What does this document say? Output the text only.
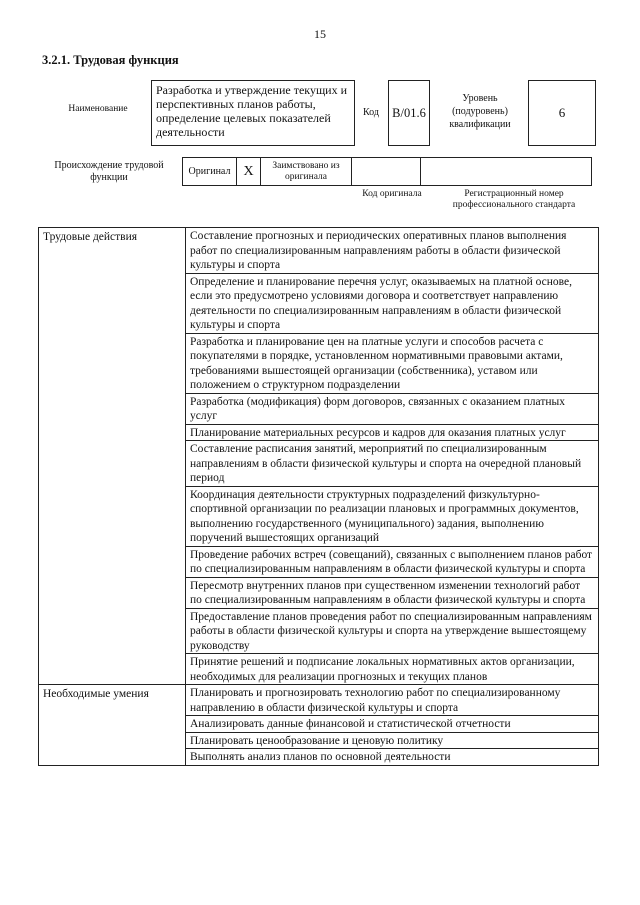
15
3.2.1. Трудовая функция
Наименование
Разработка и утверждение текущих и перспективных планов работы, определение целевых показателей деятельности
Код	B/01.6
Уровень (подуровень) квалификации
6
Происхождение трудовой функции
Оригинал X	Заимствовано из оригинала
Код оригинала	Регистрационный номер профессионального стандарта
Трудовые действия	Составление прогнозных и периодических оперативных планов выполнения работ по специализированным направлениям работы в области физической культуры и спорта
	Определение и планирование перечня услуг, оказываемых на платной основе, если это предусмотрено условиями договора и соответствует направлению деятельности по специализированным направлениям в области физической культуры и спорта
	Разработка и планирование цен на платные услуги и способов расчета с покупателями в порядке, установленном нормативными правовыми актами, требованиями вышестоящей организации (собственника), уставом или положением о структурном подразделении
	Разработка (модификация) форм договоров, связанных с оказанием платных услуг
	Планирование материальных ресурсов и кадров для оказания платных услуг
	Составление расписания занятий, мероприятий по специализированным направлениям в области физической культуры и спорта на очередной плановый период
	Координация деятельности структурных подразделений физкультурно-спортивной организации по реализации плановых и программных документов, выполнению государственного (муниципального) задания, выполнению поручений вышестоящих организаций
	Проведение рабочих встреч (совещаний), связанных с выполнением планов работ по специализированным направлениям в области физической культуры и спорта
	Пересмотр внутренних планов при существенном изменении технологий работ по специализированным направлениям в области физической культуры и спорта
	Предоставление планов проведения работ по специализированным направлениям работы в области физической культуры и спорта на утверждение вышестоящему руководству
	Принятие решений и подписание локальных нормативных актов организации, необходимых для реализации прогнозных и текущих планов
Необходимые умения	Планировать и прогнозировать технологию работ по специализированному направлению в области физической культуры и спорта
	Анализировать данные финансовой и статистической отчетности
	Планировать ценообразование и ценовую политику
	Выполнять анализ планов по основной деятельности
